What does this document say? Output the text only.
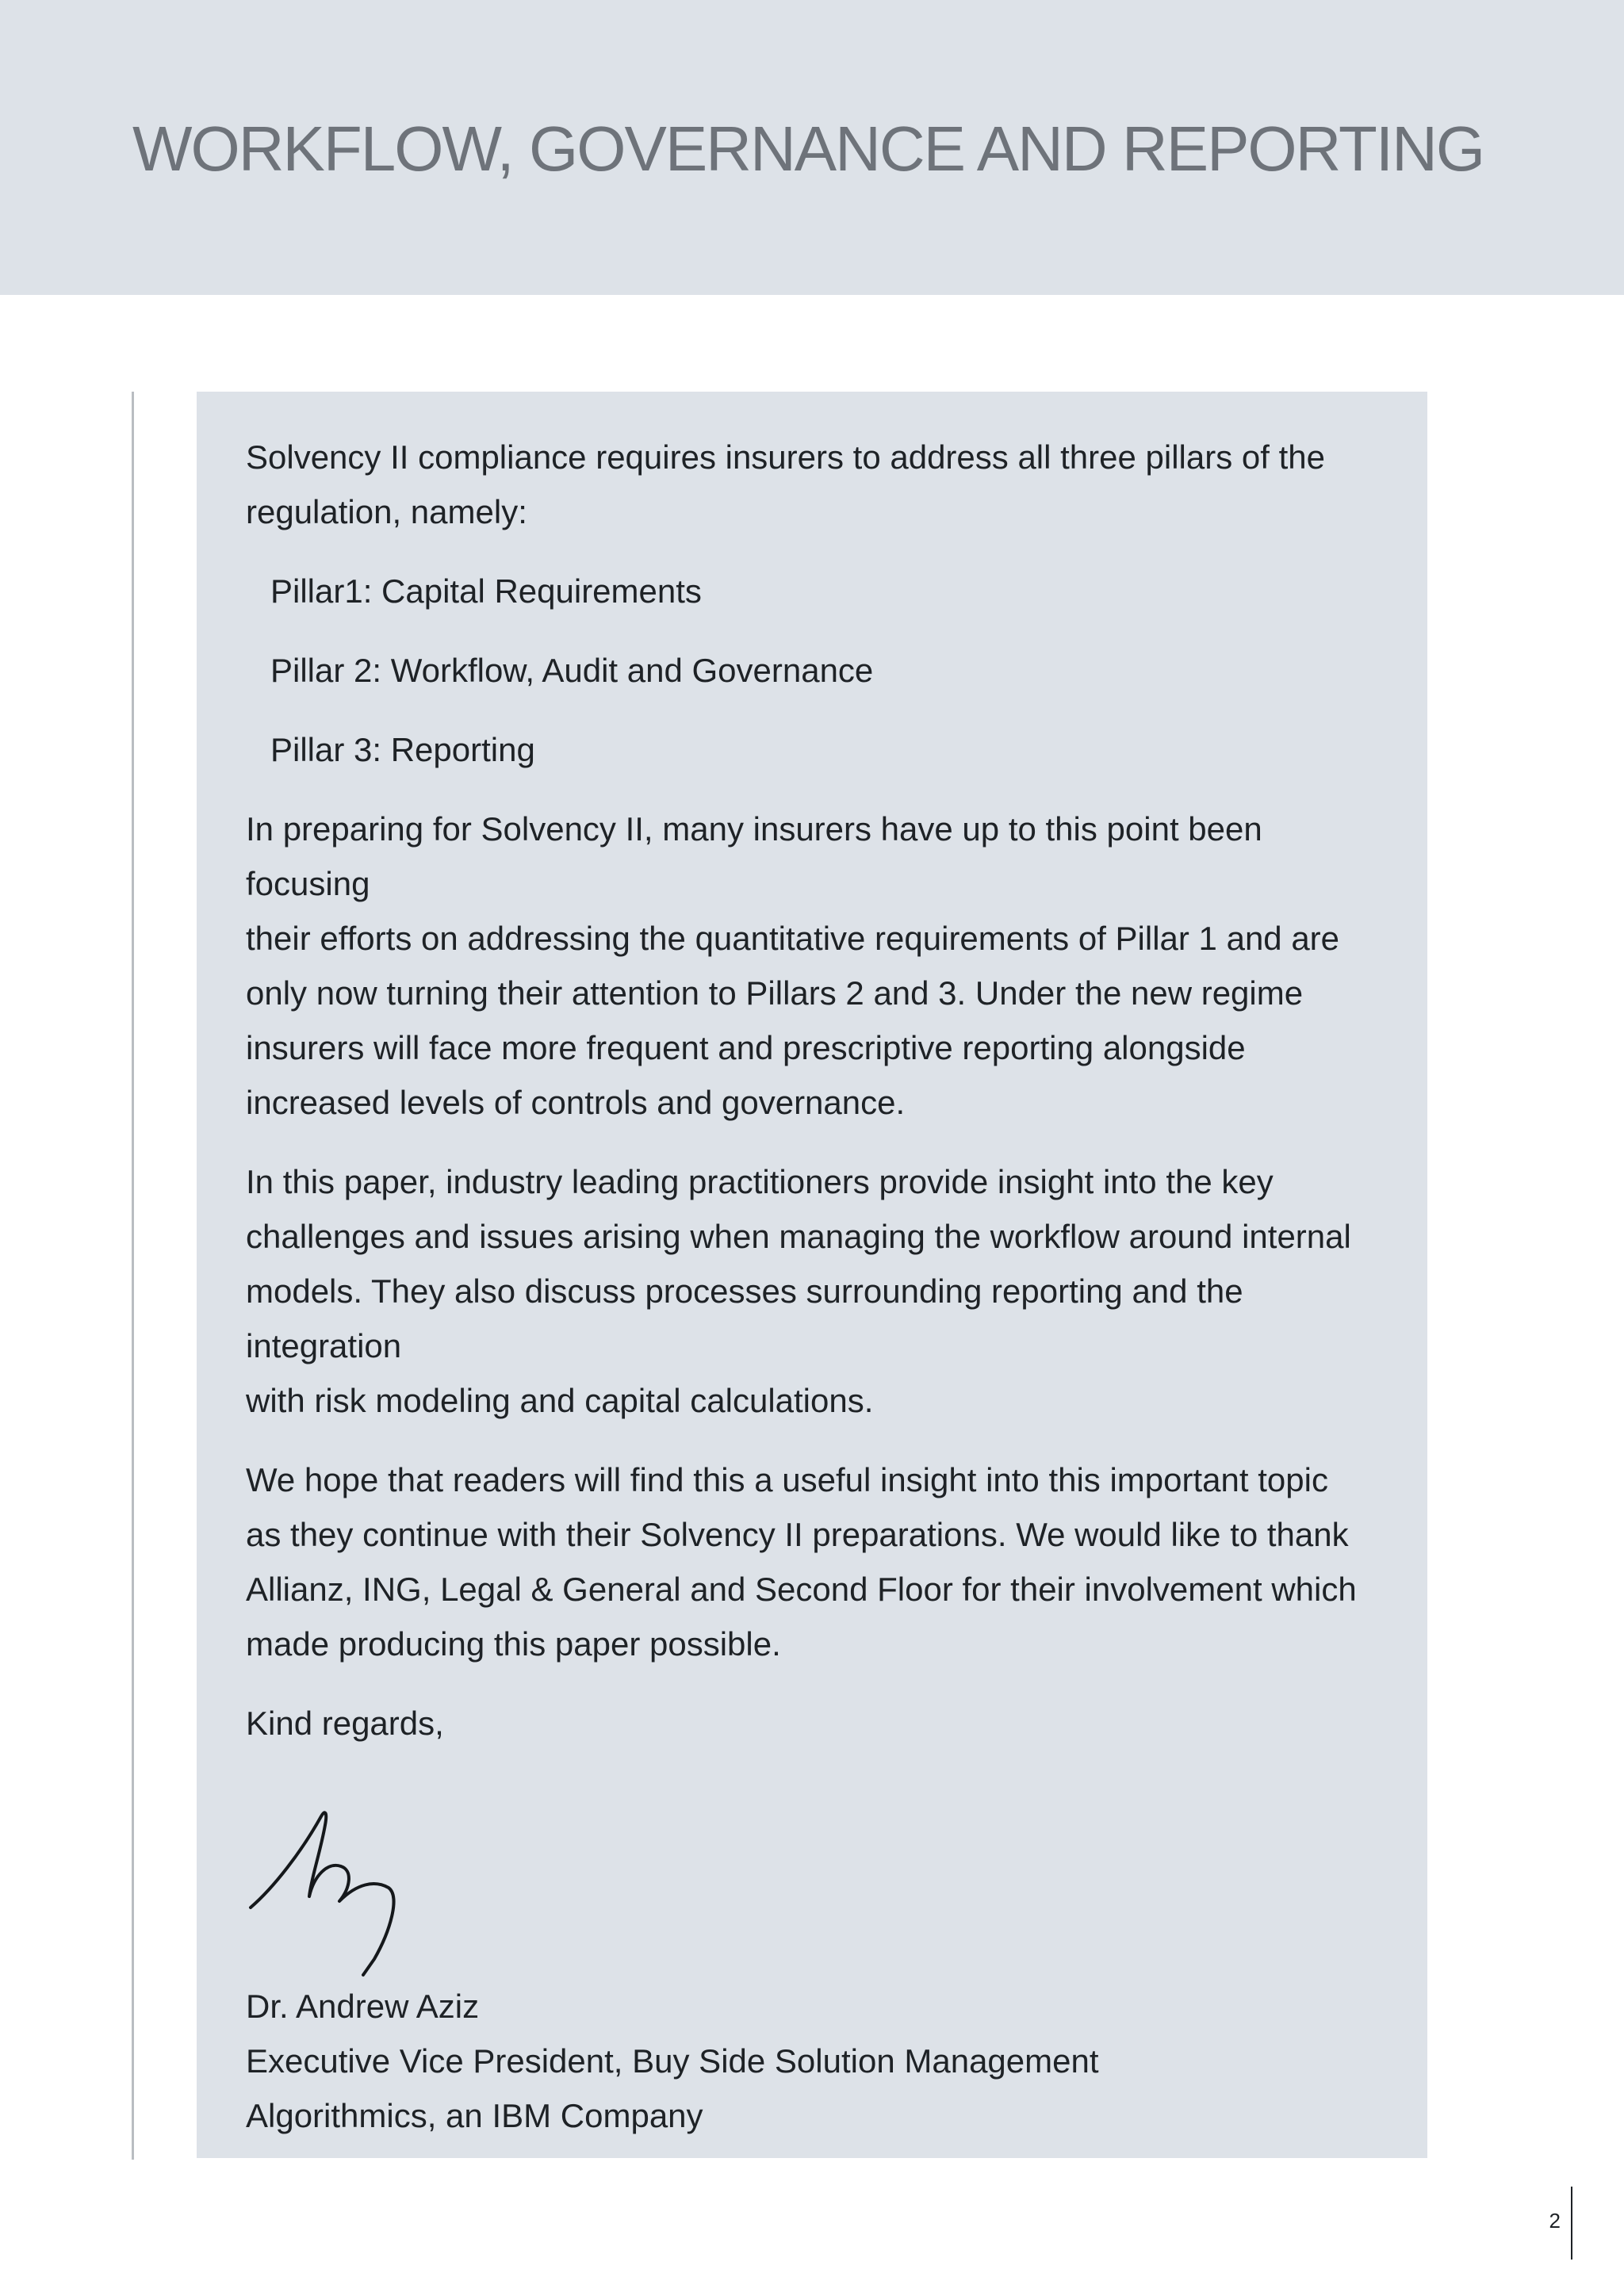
WORKFLOW, GOVERNANCE AND REPORTING

Solvency II compliance requires insurers to address all three pillars of the
regulation, namely:

Pillar1: Capital Requirements

Pillar 2: Workflow, Audit and Governance

Pillar 3: Reporting

In preparing for Solvency II, many insurers have up to this point been focusing
their efforts on addressing the quantitative requirements of Pillar 1 and are
only now turning their attention to Pillars 2 and 3. Under the new regime
insurers will face more frequent and prescriptive reporting alongside
increased levels of controls and governance.

In this paper, industry leading practitioners provide insight into the key
challenges and issues arising when managing the workflow around internal
models. They also discuss processes surrounding reporting and the integration
with risk modeling and capital calculations.

We hope that readers will find this a useful insight into this important topic
as they continue with their Solvency II preparations. We would like to thank
Allianz, ING, Legal & General and Second Floor for their involvement which
made producing this paper possible.

Kind regards,

Dr. Andrew Aziz

Executive Vice President, Buy Side Solution Management

Algorithmics, an IBM Company

2
